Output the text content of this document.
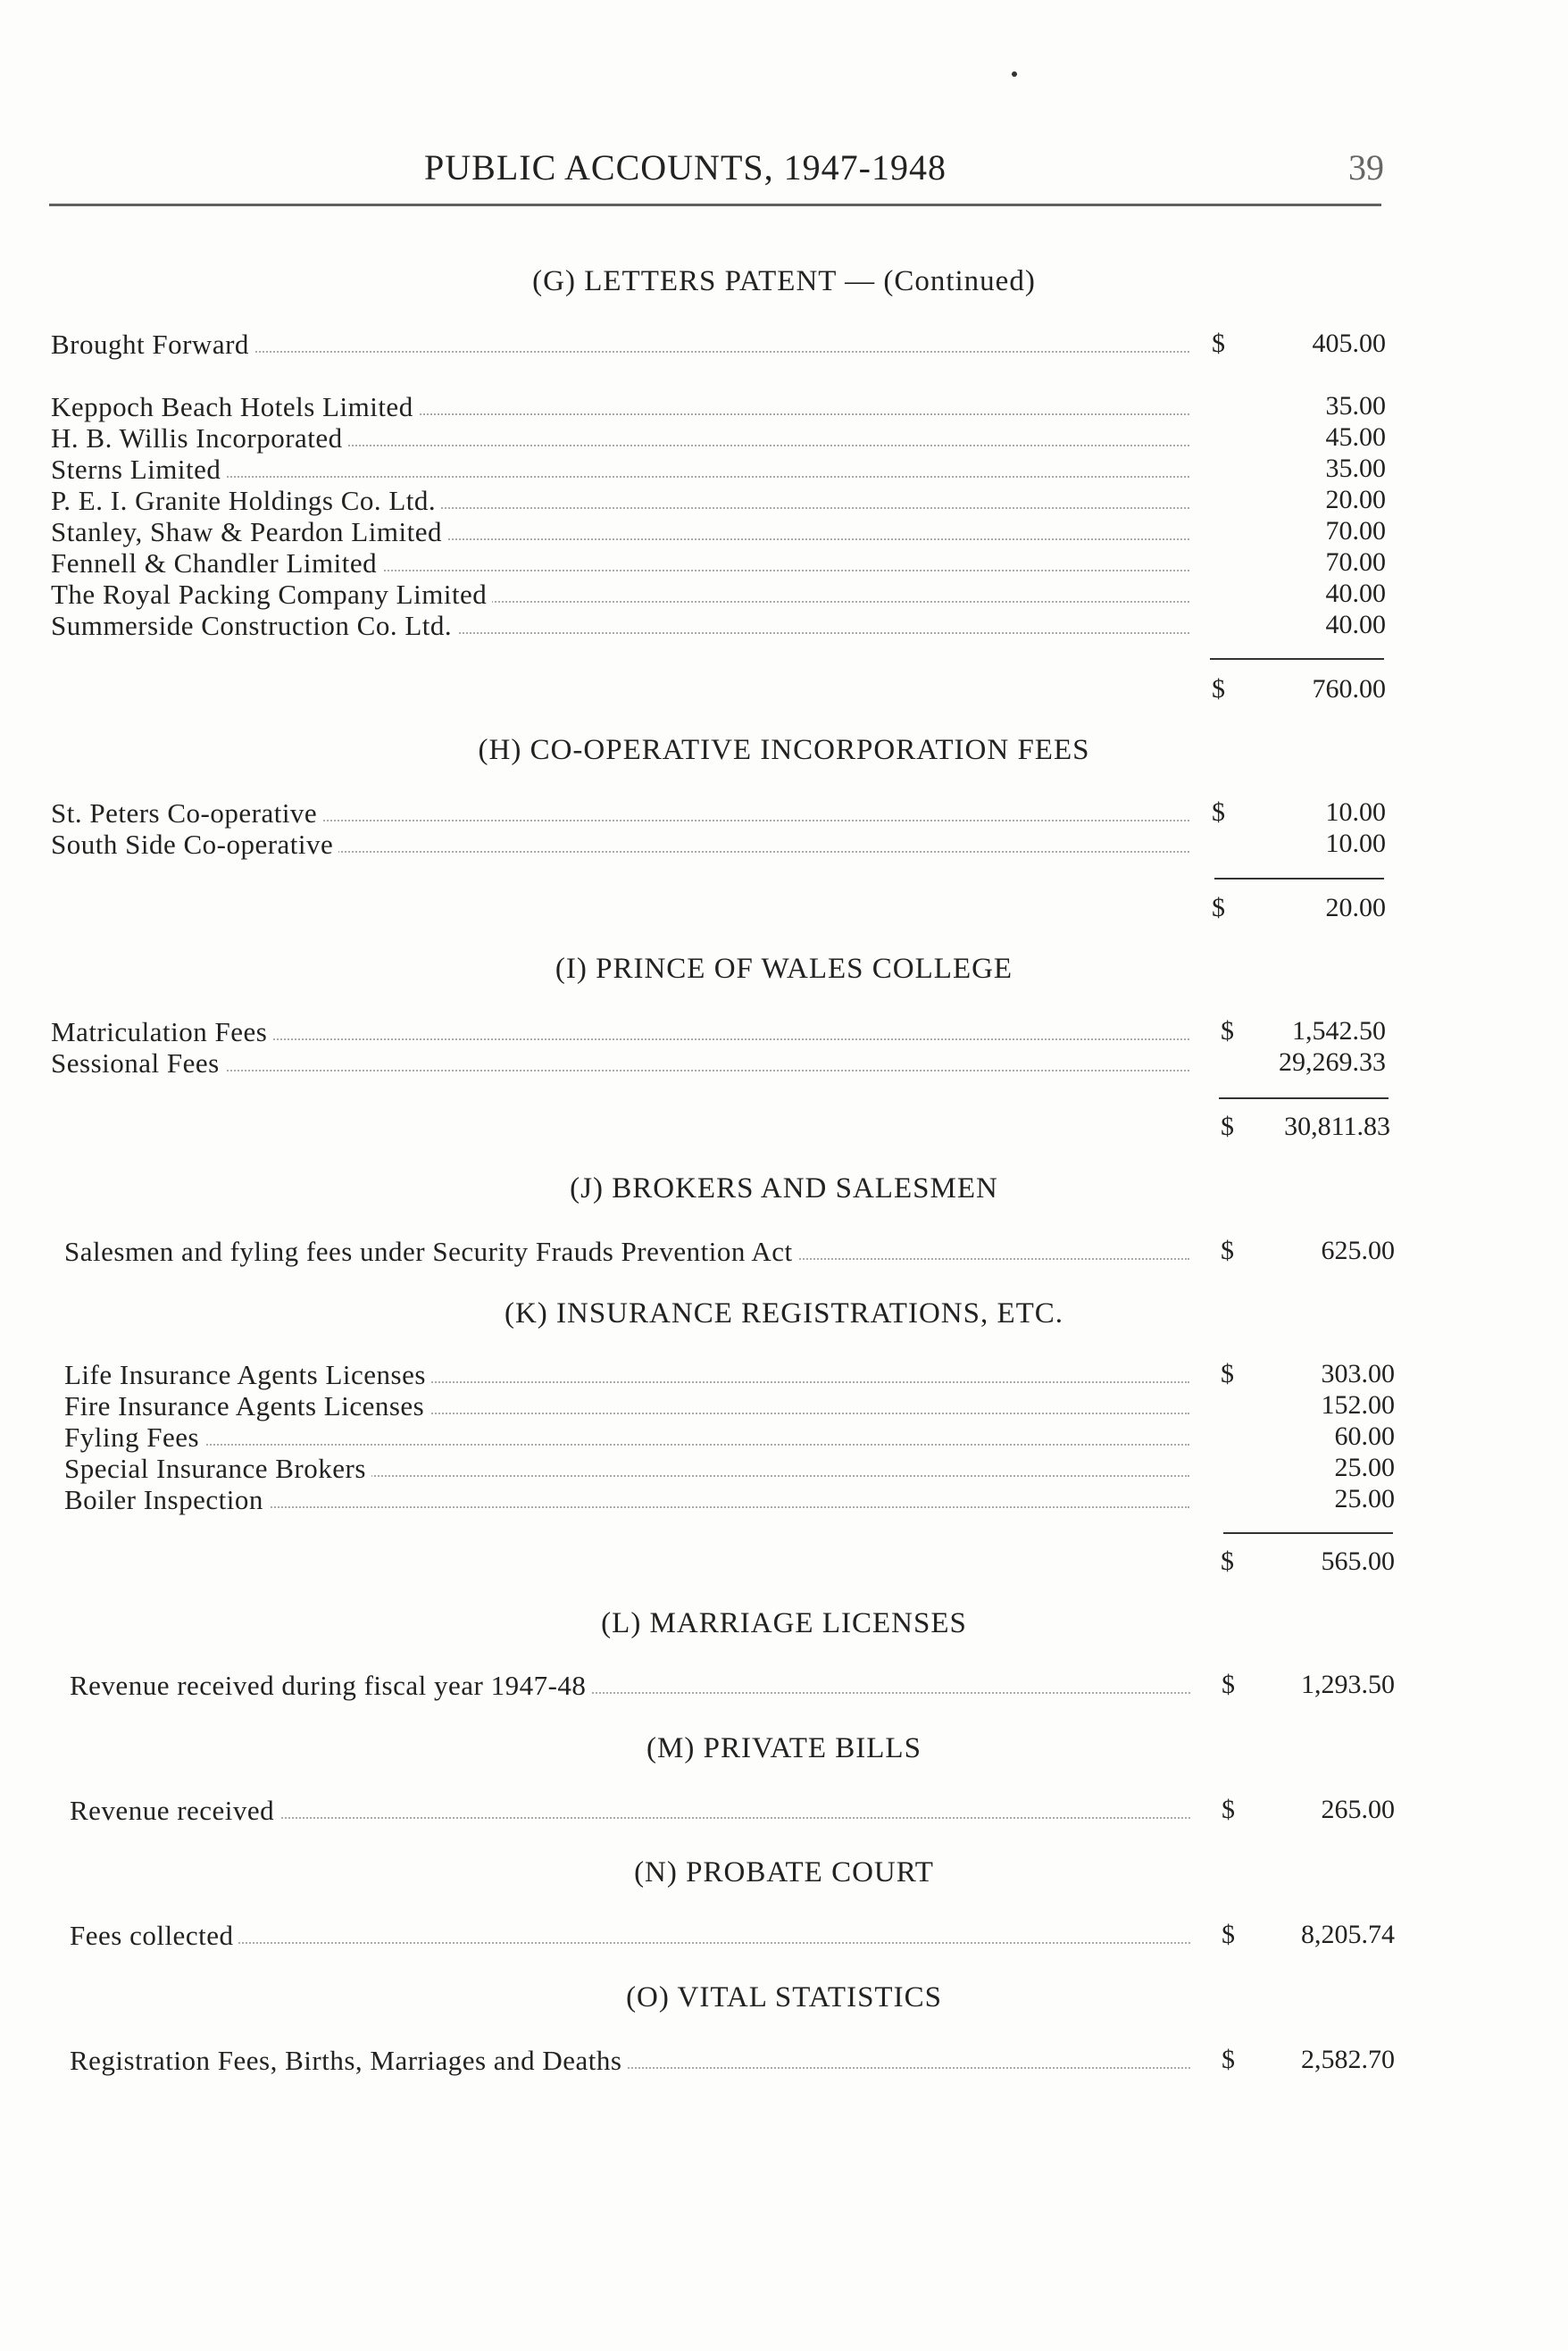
PUBLIC ACCOUNTS, 1947-1948	39
(G) LETTERS PATENT — (Continued)
Brought Forward	$	405.00
Keppoch Beach Hotels Limited	35.00
H. B. Willis Incorporated	45.00
Sterns Limited	35.00
P. E. I. Granite Holdings Co. Ltd.	20.00
Stanley, Shaw & Peardon Limited	70.00
Fennell & Chandler Limited	70.00
The Royal Packing Company Limited	40.00
Summerside Construction Co. Ltd.	40.00
$	760.00
(H) CO-OPERATIVE INCORPORATION FEES
St. Peters Co-operative	$	10.00
South Side Co-operative	10.00
$	20.00
(I) PRINCE OF WALES COLLEGE
Matriculation Fees	$	1,542.50
Sessional Fees	29,269.33
$	30,811.83
(J) BROKERS AND SALESMEN
Salesmen and fyling fees under Security Frauds Prevention Act	$	625.00
(K) INSURANCE REGISTRATIONS, ETC.
Life Insurance Agents Licenses	$	303.00
Fire Insurance Agents Licenses	152.00
Fyling Fees	60.00
Special Insurance Brokers	25.00
Boiler Inspection	25.00
$	565.00
(L) MARRIAGE LICENSES
Revenue received during fiscal year 1947-48	$	1,293.50
(M) PRIVATE BILLS
Revenue received	$	265.00
(N) PROBATE COURT
Fees collected	$	8,205.74
(O) VITAL STATISTICS
Registration Fees, Births, Marriages and Deaths	$	2,582.70
